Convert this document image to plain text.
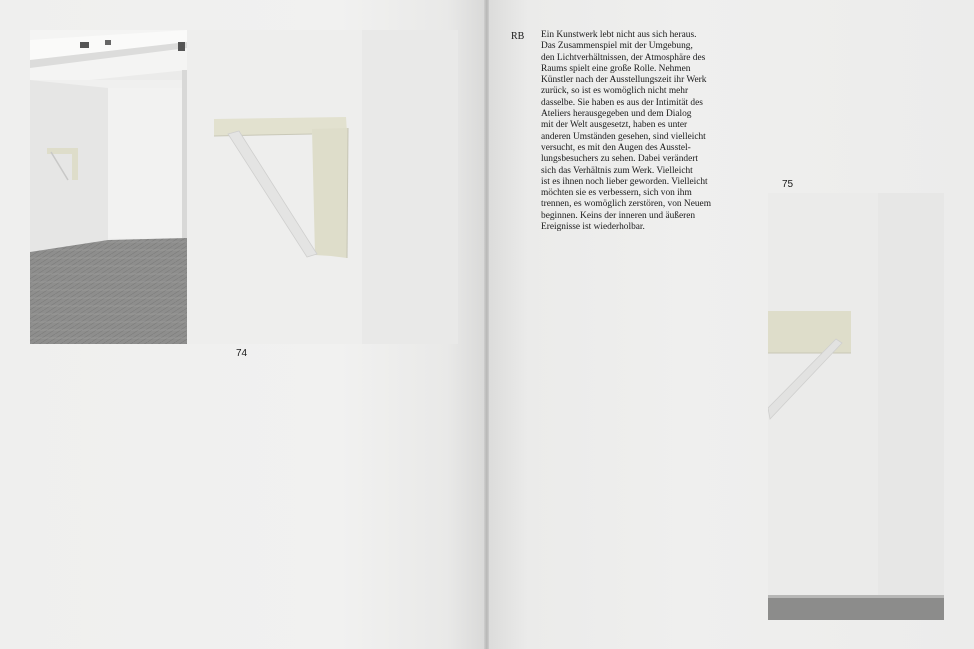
74

RB Ein Kunstwerk lebt nicht aus sich heraus.
Das Zusammenspiel mit der Umgebung,
den Lichtverhältnissen, der Atmosphäre des
Raums spielt eine große Rolle. Nehmen
Künstler nach der Ausstellungszeit ihr Werk
zurück, so ist es womöglich nicht mehr
dasselbe. Sie haben es aus der Intimität des
Ateliers herausgegeben und dem Dialog
mit der Welt ausgesetzt, haben es unter
anderen Umständen gesehen, sind vielleicht
versucht, es mit den Augen des Ausstel-
lungsbesuchers zu sehen. Dabei verändert
sich das Verhältnis zum Werk. Vielleicht
ist es ihnen noch lieber geworden. Vielleicht
möchten sie es verbessern, sich von ihm
trennen, es womöglich zerstören, von Neuem
beginnen. Keins der inneren und äußeren
Ereignisse ist wiederholbar.

75
